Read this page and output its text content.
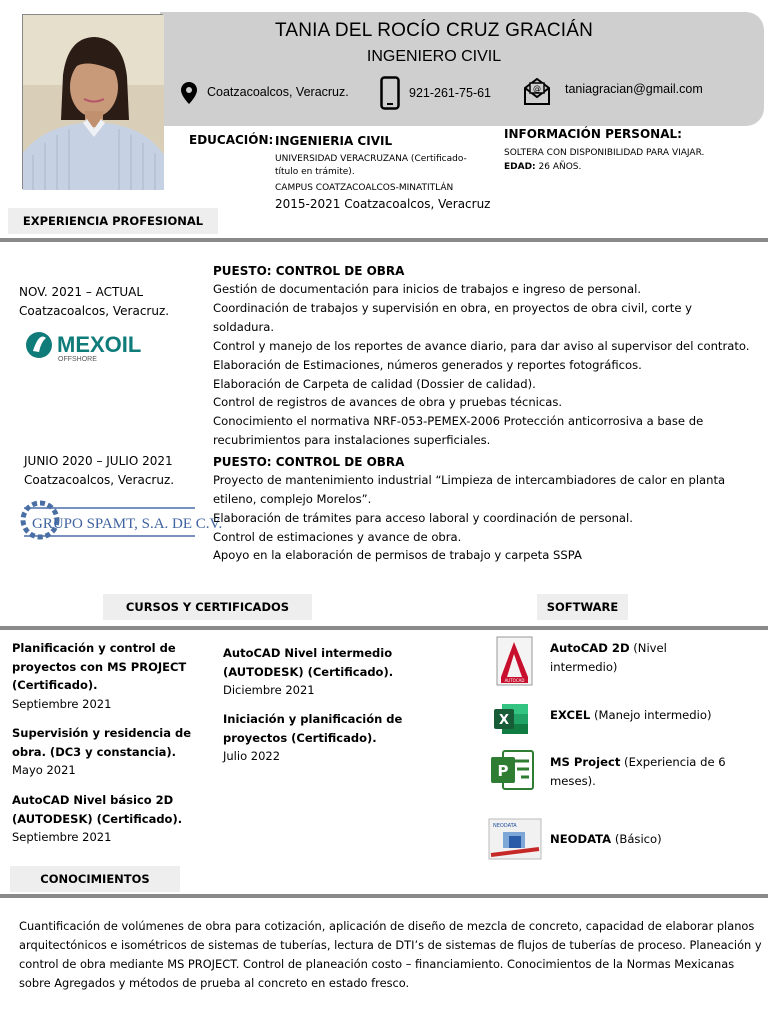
TANIA DEL ROCÍO CRUZ GRACIÁN
INGENIERO CIVIL
Coatzacoalcos, Veracruz.	921-261-75-61	@ taniagracian@gmail.com
EDUCACIÓN: INGENIERIA CIVIL
UNIVERSIDAD VERACRUZANA (Certificado-
título en trámite).
CAMPUS COATZACOALCOS-MINATITLÁN
2015-2021 Coatzacoalcos, Veracruz
INFORMACIÓN PERSONAL:
SOLTERA CON DISPONIBILIDAD PARA VIAJAR.
EDAD: 26 AÑOS.
EXPERIENCIA PROFESIONAL
NOV. 2021 – ACTUAL
Coatzacoalcos, Veracruz.
MEXOIL
OFFSHORE
PUESTO: CONTROL DE OBRA
Gestión de documentación para inicios de trabajos e ingreso de personal.
Coordinación de trabajos y supervisión en obra, en proyectos de obra civil, corte y
soldadura.
Control y manejo de los reportes de avance diario, para dar aviso al supervisor del contrato.
Elaboración de Estimaciones, números generados y reportes fotográficos.
Elaboración de Carpeta de calidad (Dossier de calidad).
Control de registros de avances de obra y pruebas técnicas.
Conocimiento el normativa NRF-053-PEMEX-2006 Protección anticorrosiva a base de
recubrimientos para instalaciones superficiales.
JUNIO 2020 – JULIO 2021
Coatzacoalcos, Veracruz.
GRUPO SPAMT, S.A. DE C.V.
PUESTO: CONTROL DE OBRA
Proyecto de mantenimiento industrial “Limpieza de intercambiadores de calor en planta
etileno, complejo Morelos”.
Elaboración de trámites para acceso laboral y coordinación de personal.
Control de estimaciones y avance de obra.
Apoyo en la elaboración de permisos de trabajo y carpeta SSPA
CURSOS Y CERTIFICADOS	SOFTWARE
Planificación y control de
proyectos con MS PROJECT
(Certificado).
Septiembre 2021
Supervisión y residencia de
obra. (DC3 y constancia).
Mayo 2021
AutoCAD Nivel básico 2D
(AUTODESK) (Certificado).
Septiembre 2021
AutoCAD Nivel intermedio
(AUTODESK) (Certificado).
Diciembre 2021
Iniciación y planificación de
proyectos (Certificado).
Julio 2022
AUTOCAD
AutoCAD 2D (Nivel
intermedio)
X	EXCEL (Manejo intermedio)
P	MS Project (Experiencia de 6
meses).
NEODATA
NEODATA (Básico)
CONOCIMIENTOS
Cuantificación de volúmenes de obra para cotización, aplicación de diseño de mezcla de concreto, capacidad de elaborar planos
arquitectónicos e isométricos de sistemas de tuberías, lectura de DTI’s de sistemas de flujos de tuberías de proceso. Planeación y
control de obra mediante MS PROJECT. Control de planeación costo – financiamiento. Conocimientos de la Normas Mexicanas
sobre Agregados y métodos de prueba al concreto en estado fresco.
